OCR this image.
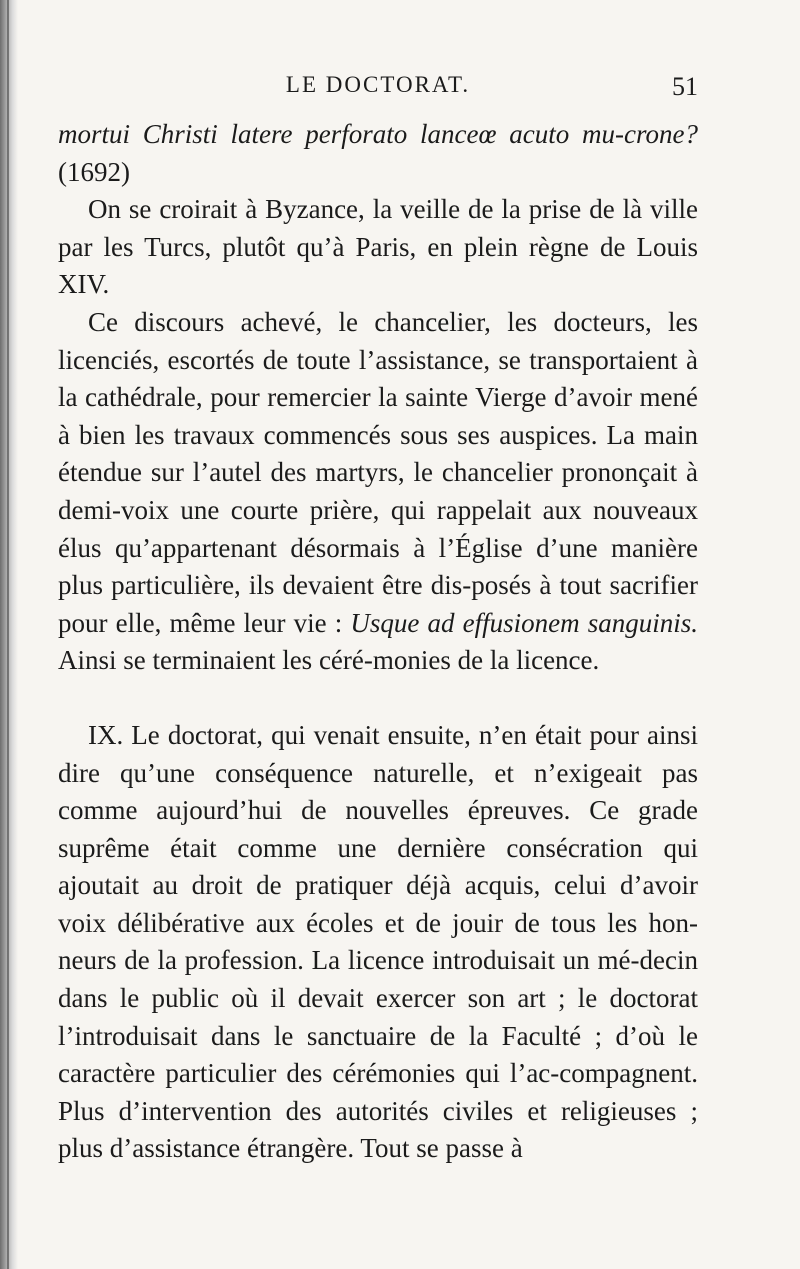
LE DOCTORAT.	51

mortui Christi latere perforato lanceœ acuto mu-crone? (1692)

On se croirait à Byzance, la veille de la prise de là ville par les Turcs, plutôt qu’à Paris, en plein règne de Louis XIV.

Ce discours achevé, le chancelier, les docteurs, les licenciés, escortés de toute l’assistance, se transportaient à la cathédrale, pour remercier la sainte Vierge d’avoir mené à bien les travaux commencés sous ses auspices. La main étendue sur l’autel des martyrs, le chancelier prononçait à demi-voix une courte prière, qui rappelait aux nouveaux élus qu’appartenant désormais à l’Église d’une manière plus particulière, ils devaient être dis-posés à tout sacrifier pour elle, même leur vie : Usque ad effusionem sanguinis. Ainsi se terminaient les céré-monies de la licence.

IX. Le doctorat, qui venait ensuite, n’en était pour ainsi dire qu’une conséquence naturelle, et n’exigeait pas comme aujourd’hui de nouvelles épreuves. Ce grade suprême était comme une dernière consécration qui ajoutait au droit de pratiquer déjà acquis, celui d’avoir voix délibérative aux écoles et de jouir de tous les hon-neurs de la profession. La licence introduisait un mé-decin dans le public où il devait exercer son art ; le doctorat l’introduisait dans le sanctuaire de la Faculté ; d’où le caractère particulier des cérémonies qui l’ac-compagnent. Plus d’intervention des autorités civiles et religieuses ; plus d’assistance étrangère. Tout se passe à
